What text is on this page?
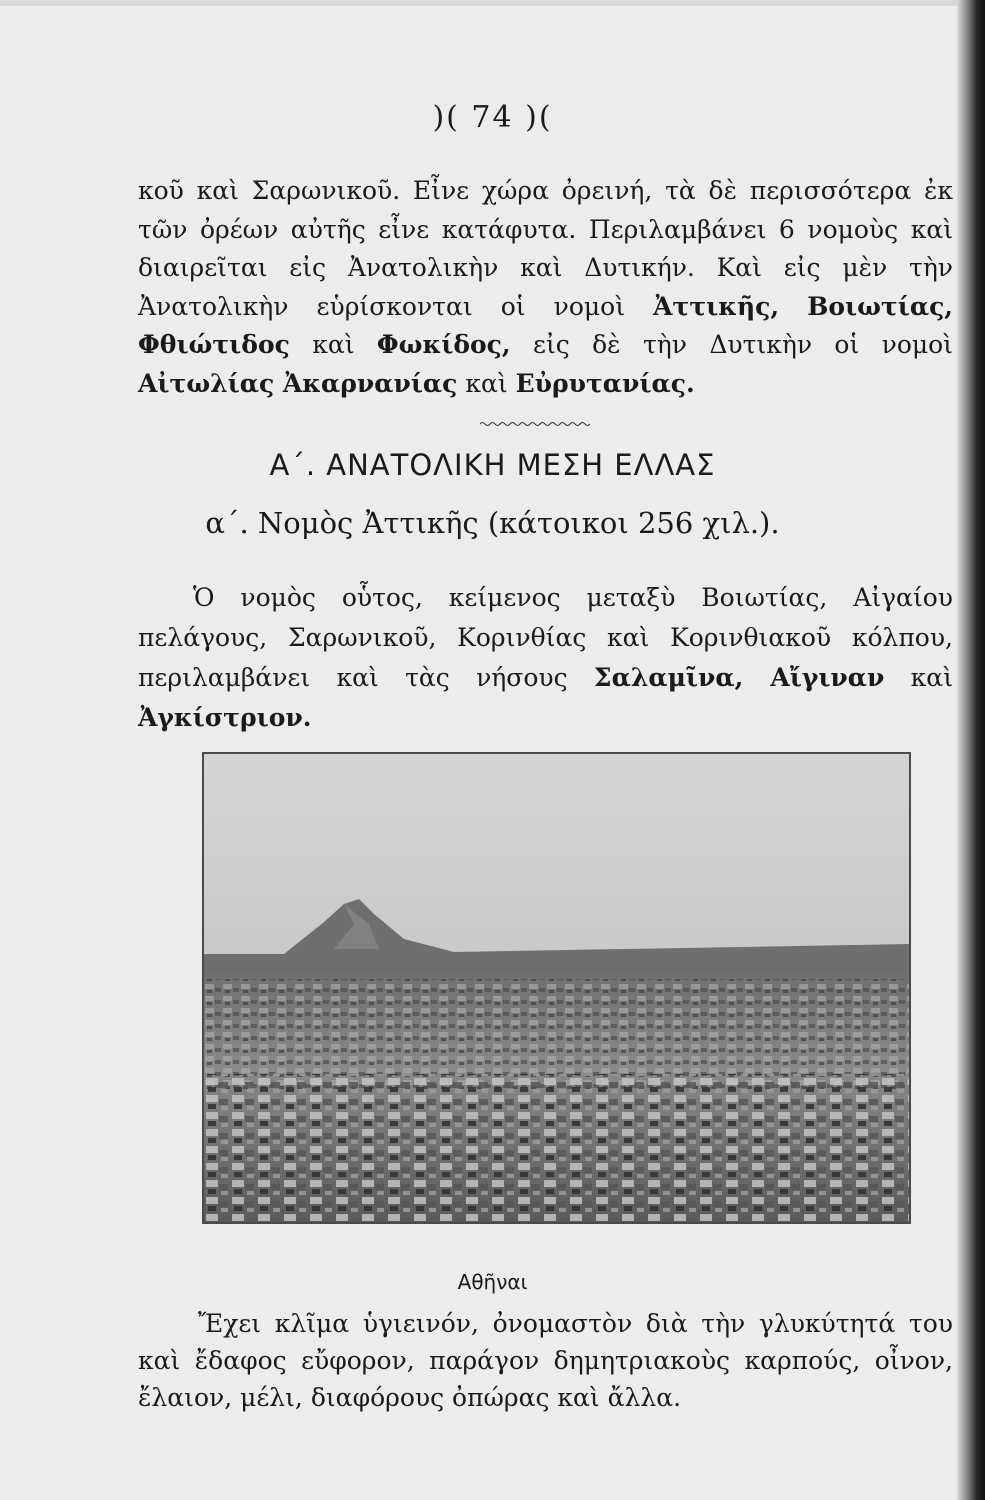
)( 74 )(
κοῦ καὶ Σαρωνικοῦ. Εἶνε χώρα ὀρεινή, τὰ δὲ περισσότερα ἐκ τῶν ὀρέων αὐτῆς εἶνε κατάφυτα. Περιλαμβάνει 6 νομοὺς καὶ διαιρεῖται εἰς Ἀνατολικὴν καὶ Δυτικήν. Καὶ εἰς μὲν τὴν Ἀνατολικὴν εὑρίσκονται οἱ νομοὶ Ἀττικῆς, Βοιωτίας, Φθιώτιδος καὶ Φωκίδος, εἰς δὲ τὴν Δυτικὴν οἱ νομοὶ Αἰτωλίας Ἀκαρνανίας καὶ Εὐρυτανίας.
Α΄. ΑΝΑΤΟΛΙΚΗ ΜΕΣΗ ΕΛΛΑΣ
α΄. Νομὸς Ἀττικῆς (κάτοικοι 256 χιλ.).
Ὁ νομὸς οὗτος, κείμενος μεταξὺ Βοιωτίας, Αἰγαίου πελάγους, Σαρωνικοῦ, Κορινθίας καὶ Κορινθιακοῦ κόλπου, περιλαμβάνει καὶ τὰς νήσους Σαλαμῖνα, Αἴγιναν καὶ Ἀγκίστριον.
Αθῆναι
Ἔχει κλῖμα ὑγιεινόν, ὀνομαστὸν διὰ τὴν γλυκύτητά του καὶ ἔδαφος εὔφορον, παράγον δημητριακοὺς καρπούς, οἶνον, ἔλαιον, μέλι, διαφόρους ὀπώρας καὶ ἄλλα.
